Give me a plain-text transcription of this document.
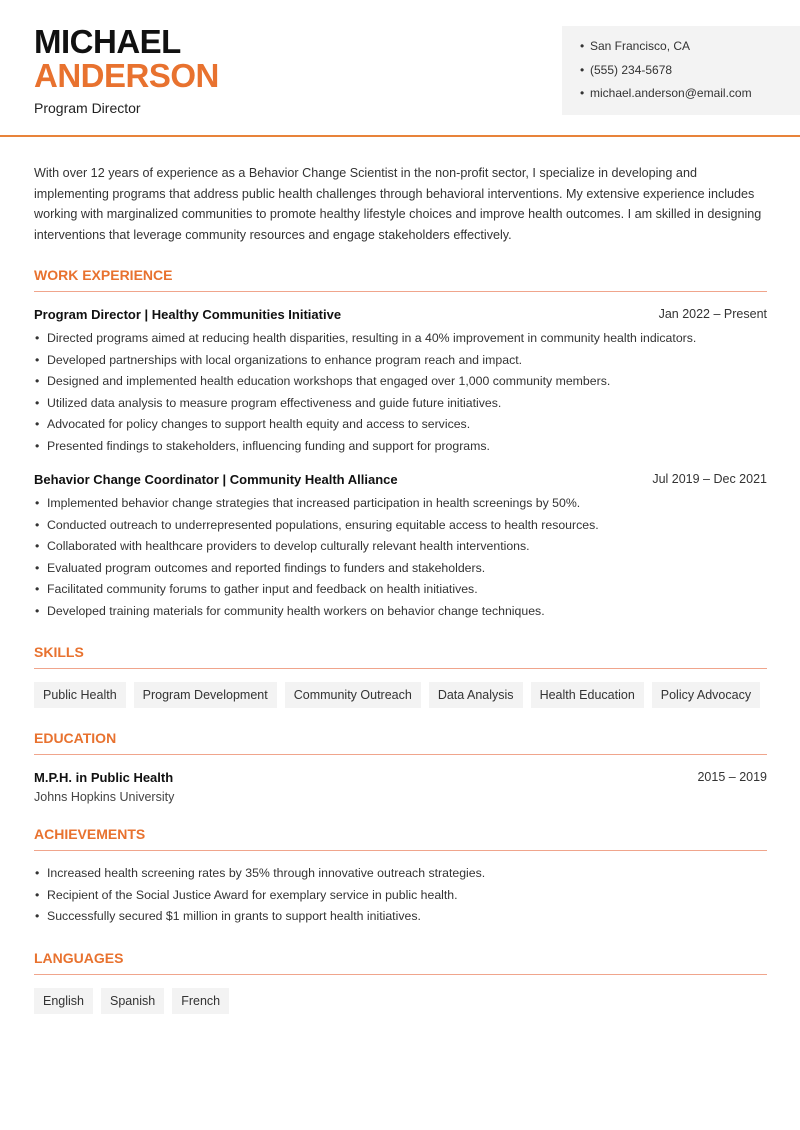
MICHAEL
ANDERSON
Program Director
• San Francisco, CA
• (555) 234-5678
• michael.anderson@email.com

With over 12 years of experience as a Behavior Change Scientist in the non-profit sector, I specialize in developing and implementing programs that address public health challenges through behavioral interventions. My extensive experience includes working with marginalized communities to promote healthy lifestyle choices and improve health outcomes. I am skilled in designing interventions that leverage community resources and engage stakeholders effectively.

WORK EXPERIENCE
Program Director | Healthy Communities Initiative	Jan 2022 – Present
• Directed programs aimed at reducing health disparities, resulting in a 40% improvement in community health indicators.
• Developed partnerships with local organizations to enhance program reach and impact.
• Designed and implemented health education workshops that engaged over 1,000 community members.
• Utilized data analysis to measure program effectiveness and guide future initiatives.
• Advocated for policy changes to support health equity and access to services.
• Presented findings to stakeholders, influencing funding and support for programs.
Behavior Change Coordinator | Community Health Alliance	Jul 2019 – Dec 2021
• Implemented behavior change strategies that increased participation in health screenings by 50%.
• Conducted outreach to underrepresented populations, ensuring equitable access to health resources.
• Collaborated with healthcare providers to develop culturally relevant health interventions.
• Evaluated program outcomes and reported findings to funders and stakeholders.
• Facilitated community forums to gather input and feedback on health initiatives.
• Developed training materials for community health workers on behavior change techniques.
SKILLS
Public Health	Program Development	Community Outreach	Data Analysis	Health Education	Policy Advocacy
EDUCATION
M.P.H. in Public Health	2015 – 2019
Johns Hopkins University
ACHIEVEMENTS
• Increased health screening rates by 35% through innovative outreach strategies.
• Recipient of the Social Justice Award for exemplary service in public health.
• Successfully secured $1 million in grants to support health initiatives.
LANGUAGES
English	Spanish	French
